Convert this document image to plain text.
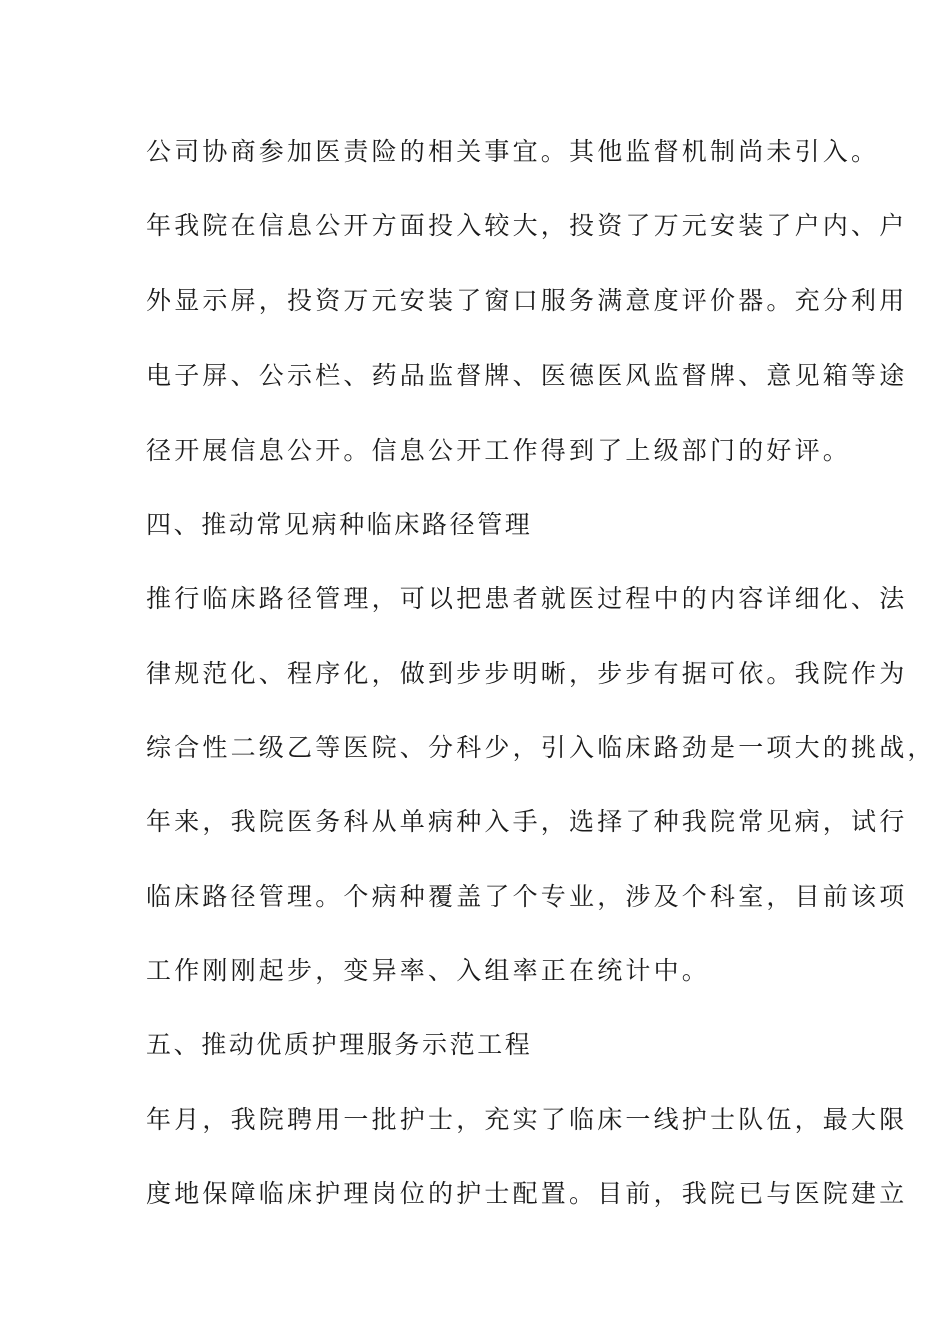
公司协商参加医责险的相关事宜。其他监督机制尚未引入。
年我院在信息公开方面投入较大，投资了万元安装了户内、户
外显示屏，投资万元安装了窗口服务满意度评价器。充分利用
电子屏、公示栏、药品监督牌、医德医风监督牌、意见箱等途
径开展信息公开。信息公开工作得到了上级部门的好评。
四、推动常见病种临床路径管理
推行临床路径管理，可以把患者就医过程中的内容详细化、法
律规范化、程序化，做到步步明晰，步步有据可依。我院作为
综合性二级乙等医院、分科少，引入临床路劲是一项大的挑战，
年来，我院医务科从单病种入手，选择了种我院常见病，试行
临床路径管理。个病种覆盖了个专业，涉及个科室，目前该项
工作刚刚起步，变异率、入组率正在统计中。
五、推动优质护理服务示范工程
年月，我院聘用一批护士，充实了临床一线护士队伍，最大限
度地保障临床护理岗位的护士配置。目前，我院已与医院建立
